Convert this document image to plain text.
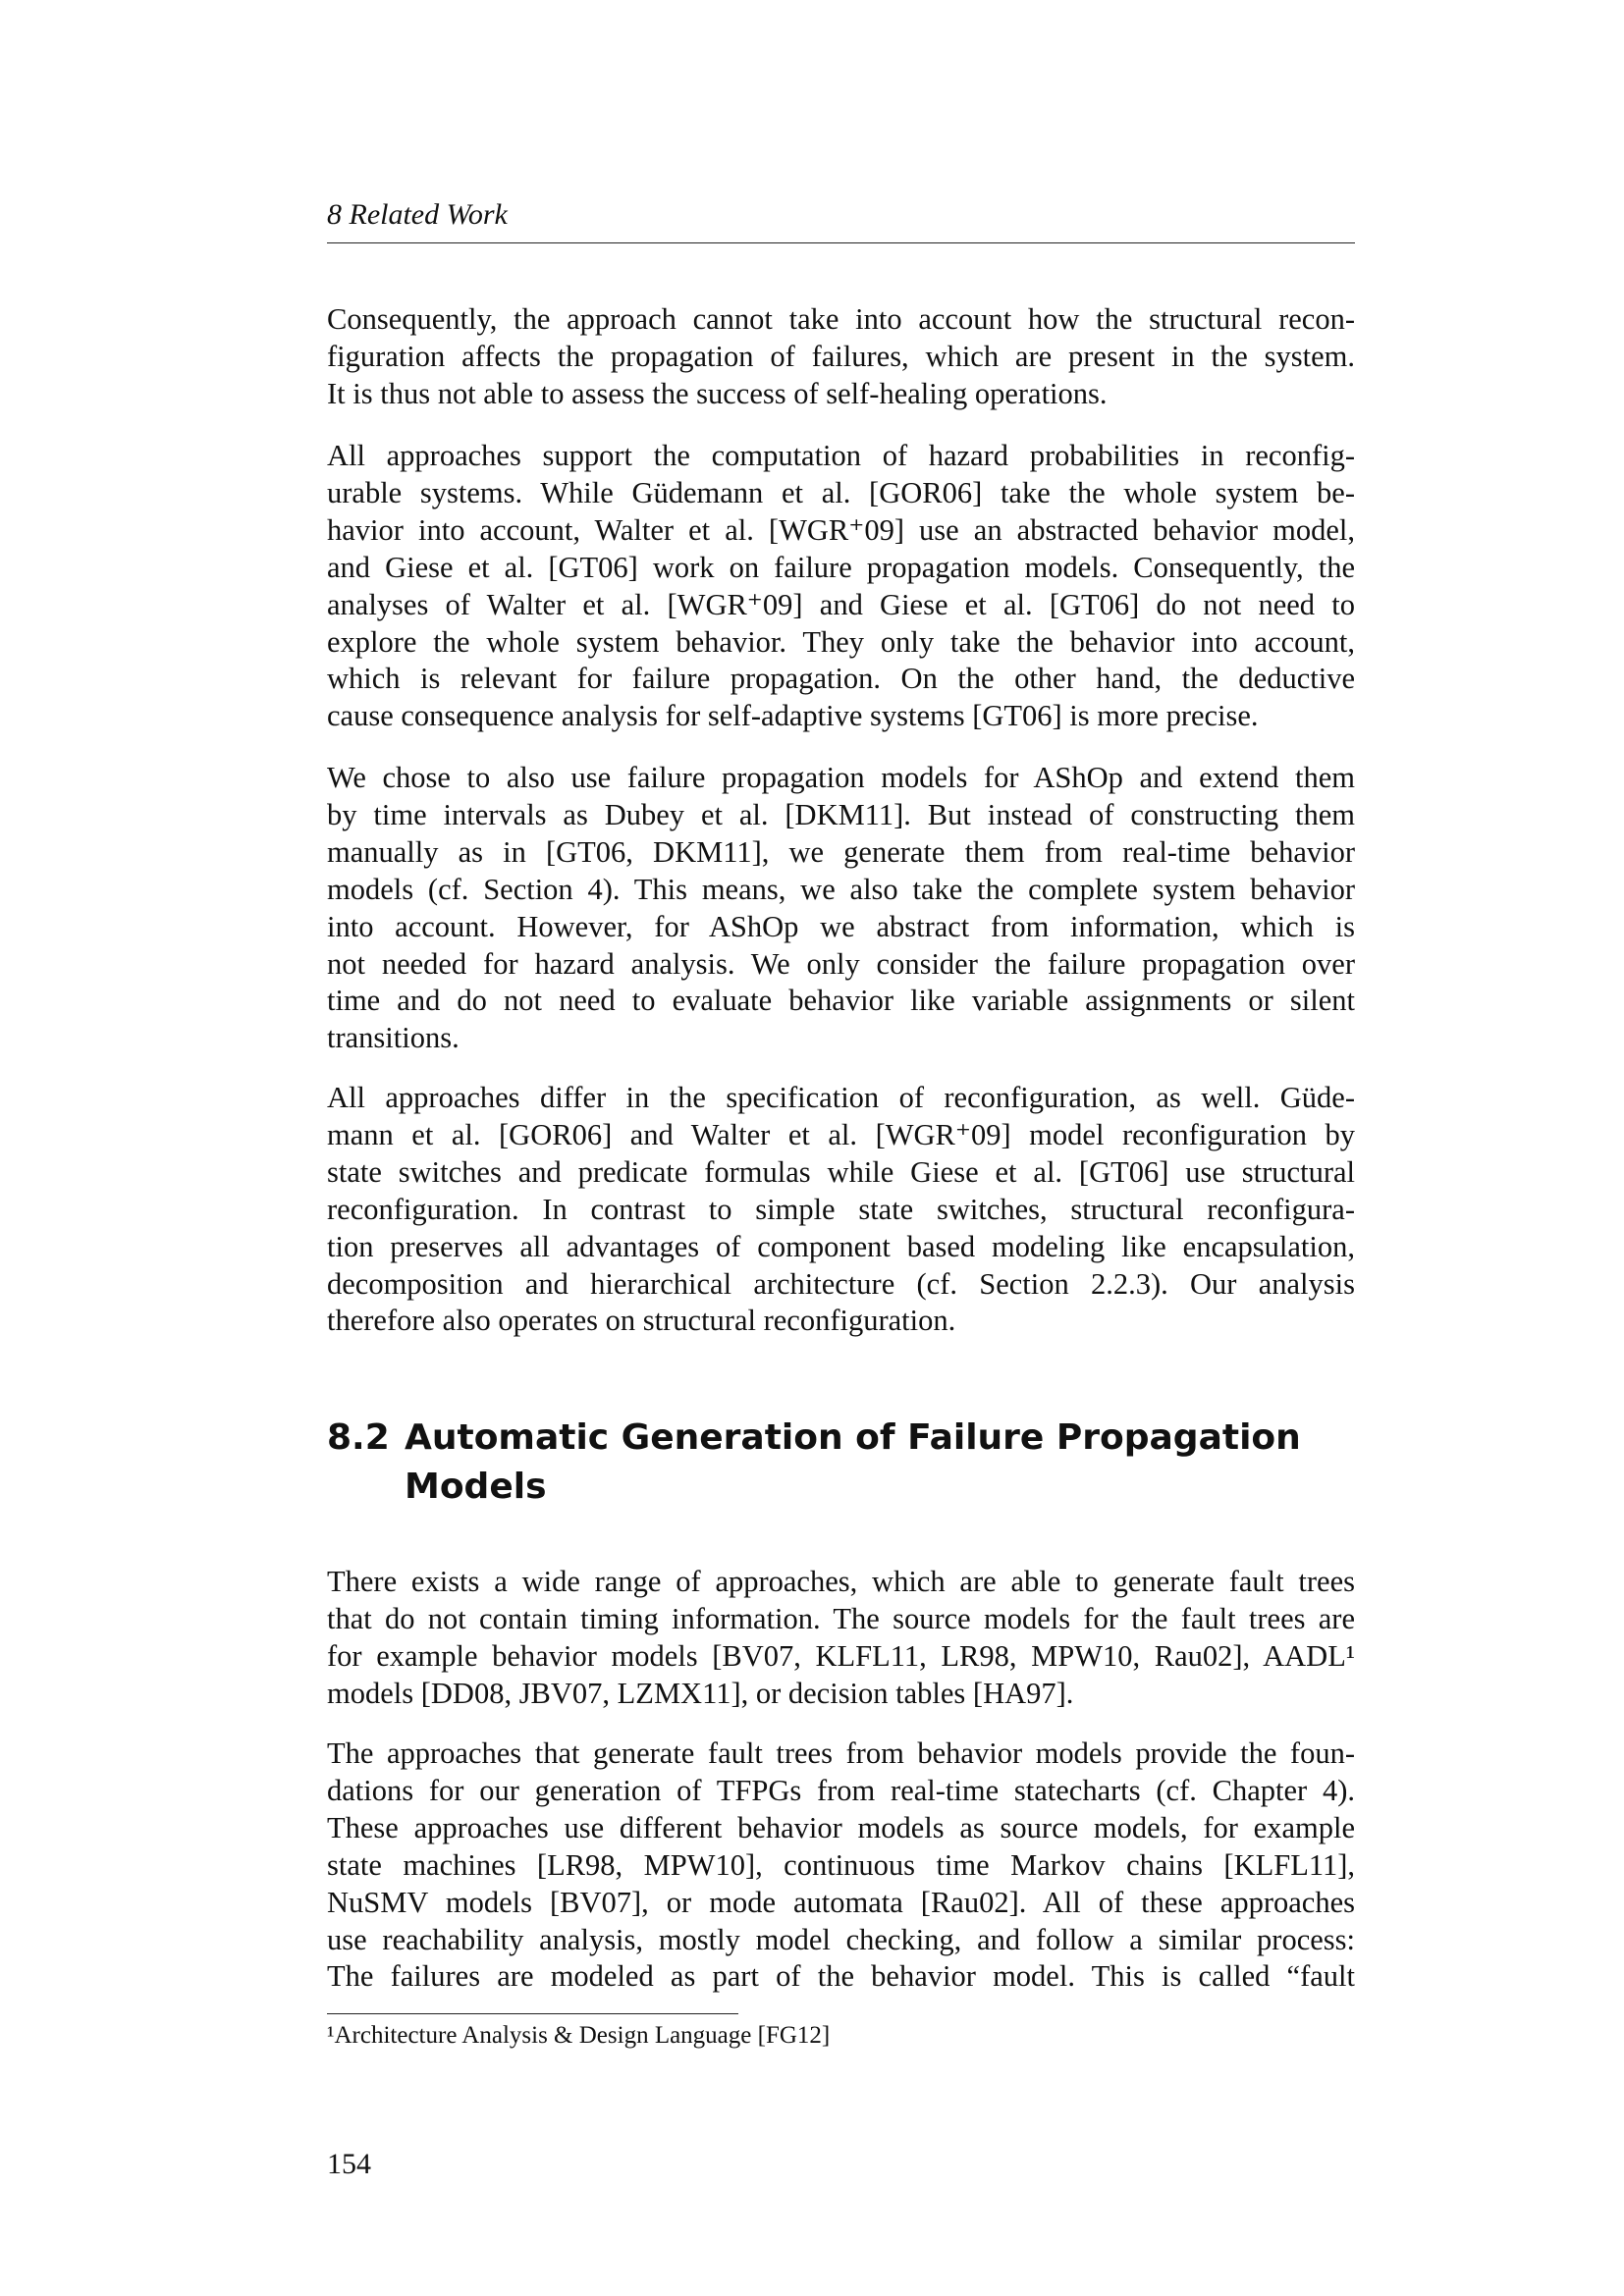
8 Related Work
Consequently, the approach cannot take into account how the structural recon-
figuration affects the propagation of failures, which are present in the system.
It is thus not able to assess the success of self-healing operations.
All approaches support the computation of hazard probabilities in reconfig-
urable systems. While Güdemann et al. [GOR06] take the whole system be-
havior into account, Walter et al. [WGR⁺09] use an abstracted behavior model,
and Giese et al. [GT06] work on failure propagation models. Consequently, the
analyses of Walter et al. [WGR⁺09] and Giese et al. [GT06] do not need to
explore the whole system behavior. They only take the behavior into account,
which is relevant for failure propagation. On the other hand, the deductive
cause consequence analysis for self-adaptive systems [GT06] is more precise.
We chose to also use failure propagation models for AShOp and extend them
by time intervals as Dubey et al. [DKM11]. But instead of constructing them
manually as in [GT06, DKM11], we generate them from real-time behavior
models (cf. Section 4). This means, we also take the complete system behavior
into account. However, for AShOp we abstract from information, which is
not needed for hazard analysis. We only consider the failure propagation over
time and do not need to evaluate behavior like variable assignments or silent
transitions.
All approaches differ in the specification of reconfiguration, as well. Güde-
mann et al. [GOR06] and Walter et al. [WGR⁺09] model reconfiguration by
state switches and predicate formulas while Giese et al. [GT06] use structural
reconfiguration. In contrast to simple state switches, structural reconfigura-
tion preserves all advantages of component based modeling like encapsulation,
decomposition and hierarchical architecture (cf. Section 2.2.3). Our analysis
therefore also operates on structural reconfiguration.
8.2 Automatic Generation of Failure Propagation
Models
There exists a wide range of approaches, which are able to generate fault trees
that do not contain timing information. The source models for the fault trees are
for example behavior models [BV07, KLFL11, LR98, MPW10, Rau02], AADL¹
models [DD08, JBV07, LZMX11], or decision tables [HA97].
The approaches that generate fault trees from behavior models provide the foun-
dations for our generation of TFPGs from real-time statecharts (cf. Chapter 4).
These approaches use different behavior models as source models, for example
state machines [LR98, MPW10], continuous time Markov chains [KLFL11],
NuSMV models [BV07], or mode automata [Rau02]. All of these approaches
use reachability analysis, mostly model checking, and follow a similar process:
The failures are modeled as part of the behavior model. This is called “fault
¹Architecture Analysis & Design Language [FG12]
154
